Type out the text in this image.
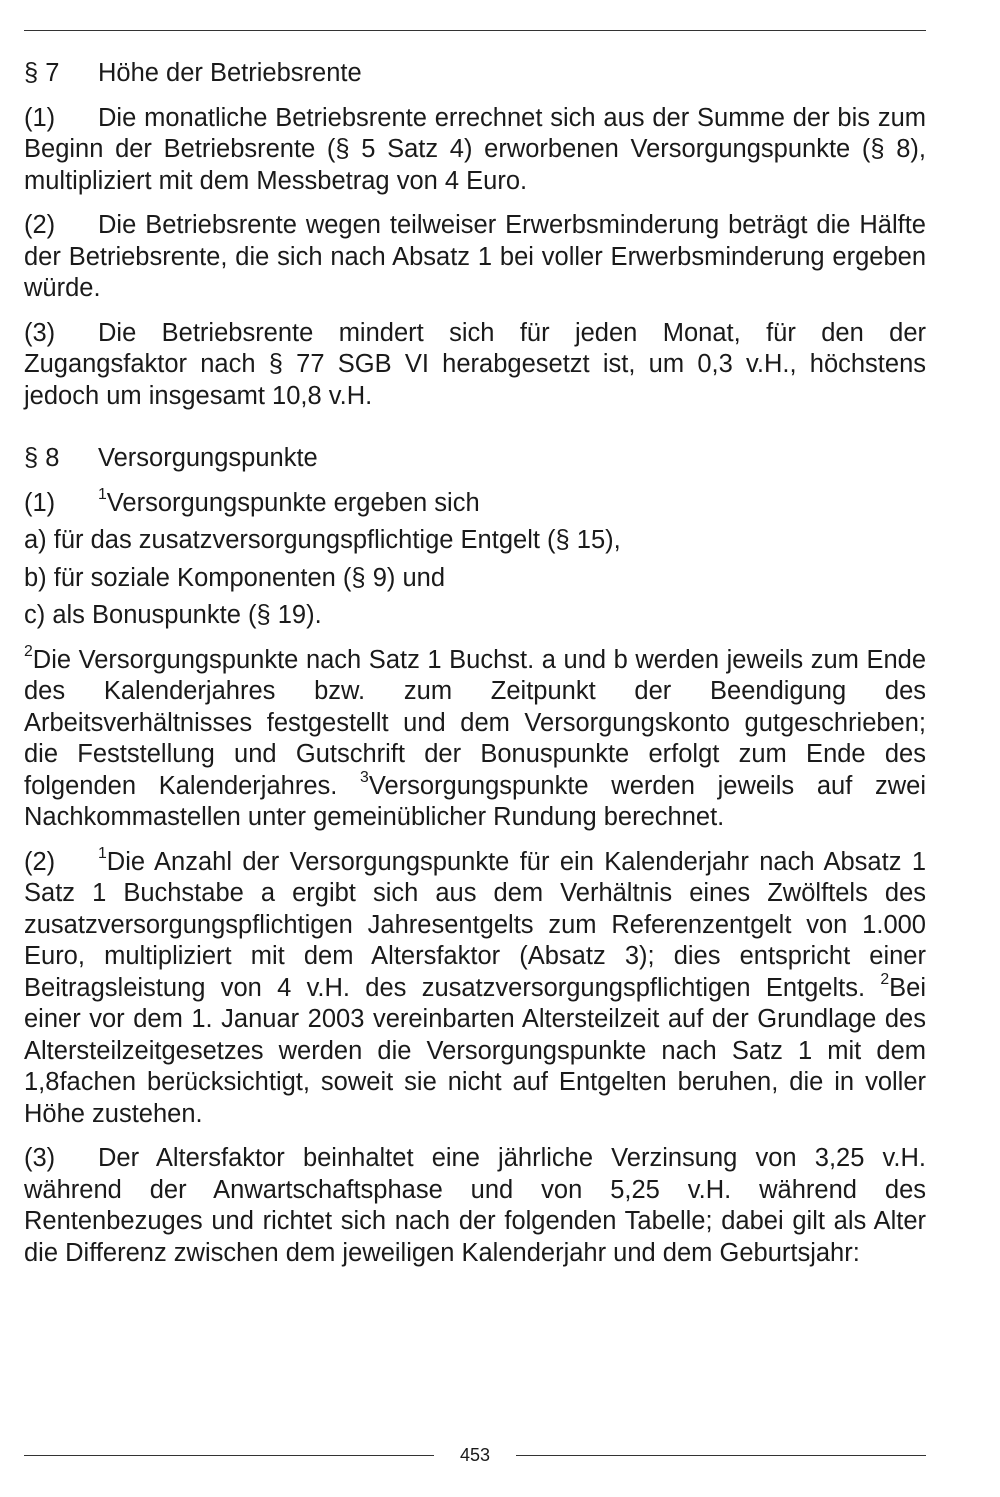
§ 7	Höhe der Betriebsrente

(1) Die monatliche Betriebsrente errechnet sich aus der Summe der bis zum Beginn der Betriebsrente (§ 5 Satz 4) erworbenen Versorgungspunkte (§ 8), multipliziert mit dem Messbetrag von 4 Euro.

(2) Die Betriebsrente wegen teilweiser Erwerbsminderung beträgt die Hälfte der Betriebsrente, die sich nach Absatz 1 bei voller Erwerbsminderung ergeben würde.

(3) Die Betriebsrente mindert sich für jeden Monat, für den der Zugangsfaktor nach § 77 SGB VI herabgesetzt ist, um 0,3 v.H., höchstens jedoch um insgesamt 10,8 v.H.

§ 8	Versorgungspunkte

(1)	$^1$Versorgungspunkte ergeben sich

a) für das zusatzversorgungspflichtige Entgelt (§ 15),
b) für soziale Komponenten (§ 9) und
c) als Bonuspunkte (§ 19).

$^2$Die Versorgungspunkte nach Satz 1 Buchst. a und b werden jeweils zum Ende des Kalenderjahres bzw. zum Zeitpunkt der Beendigung des Arbeitsverhältnisses festgestellt und dem Versorgungskonto gutgeschrieben; die Feststellung und Gutschrift der Bonuspunkte erfolgt zum Ende des folgenden Kalenderjahres. $^3$Versorgungspunkte werden jeweils auf zwei Nachkommastellen unter gemeinüblicher Rundung berechnet.

(2)	$^1$Die Anzahl der Versorgungspunkte für ein Kalenderjahr nach Absatz 1 Satz 1 Buchstabe a ergibt sich aus dem Verhältnis eines Zwölftels des zusatzversorgungspflichtigen Jahresentgelts zum Referenzentgelt von 1.000 Euro, multipliziert mit dem Altersfaktor (Absatz 3); dies entspricht einer Beitragsleistung von 4 v.H. des zusatzversorgungspflichtigen Entgelts. $^2$Bei einer vor dem 1. Januar 2003 vereinbarten Altersteilzeit auf der Grundlage des Altersteilzeitgesetzes werden die Versorgungspunkte nach Satz 1 mit dem 1,8fachen berücksichtigt, soweit sie nicht auf Entgelten beruhen, die in voller Höhe zustehen.

(3) Der Altersfaktor beinhaltet eine jährliche Verzinsung von 3,25 v.H. während der Anwartschaftsphase und von 5,25 v.H. während des Rentenbezuges und richtet sich nach der folgenden Tabelle; dabei gilt als Alter die Differenz zwischen dem jeweiligen Kalenderjahr und dem Geburtsjahr:

453
